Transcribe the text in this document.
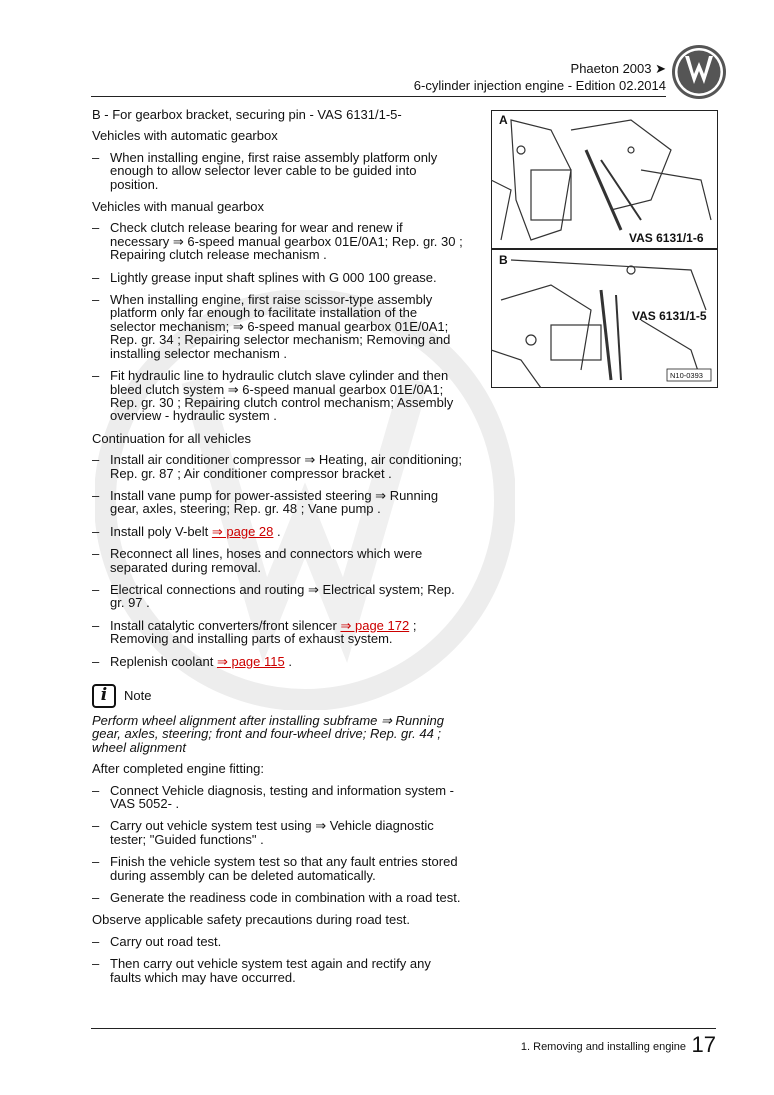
Phaeton 2003 ➤
6-cylinder injection engine - Edition 02.2014

B - For gearbox bracket, securing pin - VAS 6131/1-5-

Vehicles with automatic gearbox

– When installing engine, first raise assembly platform only enough to allow selector lever cable to be guided into position.

Vehicles with manual gearbox

– Check clutch release bearing for wear and renew if necessary ⇒ 6-speed manual gearbox 01E/0A1; Rep. gr. 30 ; Repairing clutch release mechanism .
– Lightly grease input shaft splines with G 000 100 grease.
– When installing engine, first raise scissor-type assembly platform only far enough to facilitate installation of the selector mechanism; ⇒ 6-speed manual gearbox 01E/0A1; Rep. gr. 34 ; Repairing selector mechanism; Removing and installing selector mechanism .
– Fit hydraulic line to hydraulic clutch slave cylinder and then bleed clutch system ⇒ 6-speed manual gearbox 01E/0A1; Rep. gr. 30 ; Repairing clutch control mechanism; Assembly overview - hydraulic system .

Continuation for all vehicles

– Install air conditioner compressor ⇒ Heating, air conditioning; Rep. gr. 87 ; Air conditioner compressor bracket .
– Install vane pump for power-assisted steering ⇒ Running gear, axles, steering; Rep. gr. 48 ; Vane pump .
– Install poly V-belt ⇒ page 28 .
– Reconnect all lines, hoses and connectors which were separated during removal.
– Electrical connections and routing ⇒ Electrical system; Rep. gr. 97 .
– Install catalytic converters/front silencer ⇒ page 172 ; Removing and installing parts of exhaust system.
– Replenish coolant ⇒ page 115 .
i	Note

Perform wheel alignment after installing subframe ⇒ Running gear, axles, steering; front and four-wheel drive; Rep. gr. 44 ; wheel alignment

After completed engine fitting:

– Connect Vehicle diagnosis, testing and information system - VAS 5052- .
– Carry out vehicle system test using ⇒ Vehicle diagnostic tester; "Guided functions" .
– Finish the vehicle system test so that any fault entries stored during assembly can be deleted automatically.
– Generate the readiness code in combination with a road test.

Observe applicable safety precautions during road test.

– Carry out road test.
– Then carry out vehicle system test again and rectify any faults which may have occurred.
A
VAS 6131/1-6
B
VAS 6131/1-5
N10-0393
1. Removing and installing engine 17
